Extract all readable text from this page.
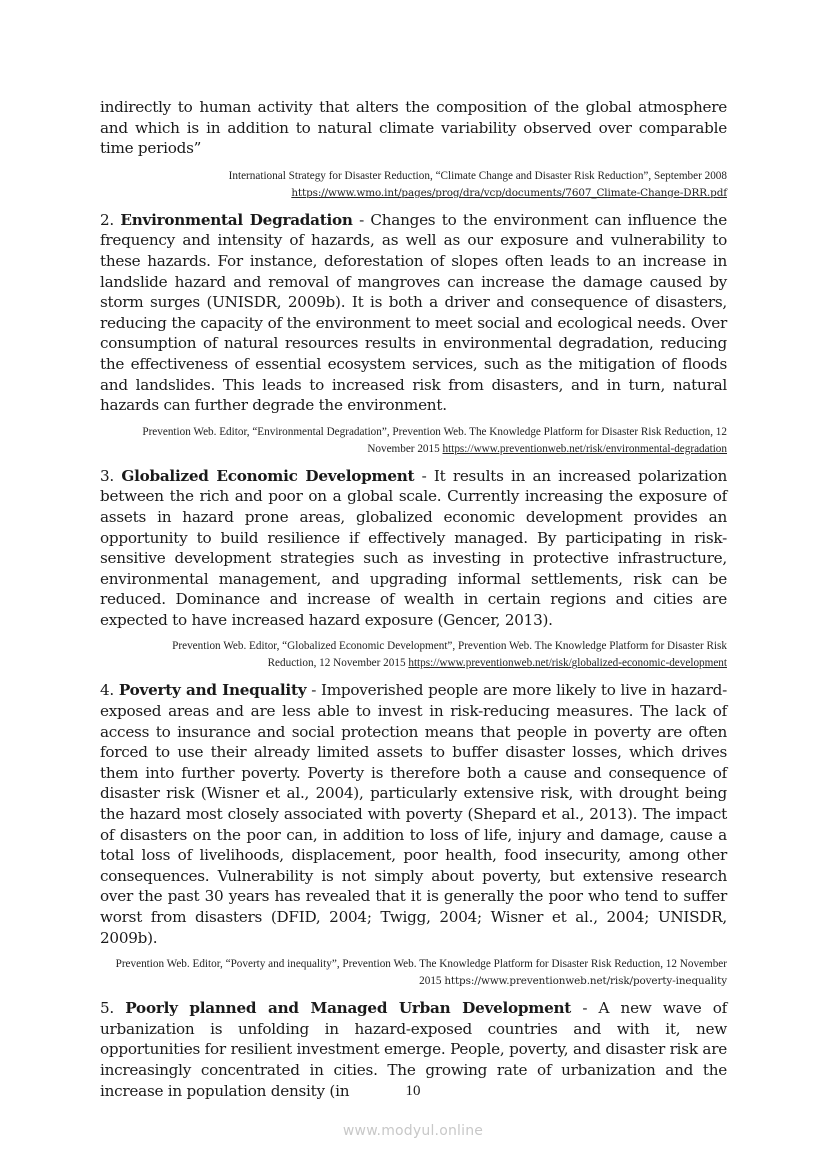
indirectly to human activity that alters the composition of the global atmosphere and which is in addition to natural climate variability observed over comparable time periods”

International Strategy for Disaster Reduction, “Climate Change and Disaster Risk Reduction”, September 2008
https://www.wmo.int/pages/prog/dra/vcp/documents/7607_Climate-Change-DRR.pdf

2. Environmental Degradation - Changes to the environment can influence the frequency and intensity of hazards, as well as our exposure and vulnerability to these hazards. For instance, deforestation of slopes often leads to an increase in landslide hazard and removal of mangroves can increase the damage caused by storm surges (UNISDR, 2009b). It is both a driver and consequence of disasters, reducing the capacity of the environment to meet social and ecological needs. Over consumption of natural resources results in environmental degradation, reducing the effectiveness of essential ecosystem services, such as the mitigation of floods and landslides. This leads to increased risk from disasters, and in turn, natural hazards can further degrade the environment.

Prevention Web. Editor, “Environmental Degradation”, Prevention Web. The Knowledge Platform for Disaster Risk Reduction, 12 November 2015 https://www.preventionweb.net/risk/environmental-degradation

3. Globalized Economic Development - It results in an increased polarization between the rich and poor on a global scale. Currently increasing the exposure of assets in hazard prone areas, globalized economic development provides an opportunity to build resilience if effectively managed. By participating in risk-sensitive development strategies such as investing in protective infrastructure, environmental management, and upgrading informal settlements, risk can be reduced. Dominance and increase of wealth in certain regions and cities are expected to have increased hazard exposure (Gencer, 2013).

Prevention Web. Editor, “Globalized Economic Development”, Prevention Web. The Knowledge Platform for Disaster Risk Reduction, 12 November 2015 https://www.preventionweb.net/risk/globalized-economic-development

4. Poverty and Inequality - Impoverished people are more likely to live in hazard-exposed areas and are less able to invest in risk-reducing measures. The lack of access to insurance and social protection means that people in poverty are often forced to use their already limited assets to buffer disaster losses, which drives them into further poverty. Poverty is therefore both a cause and consequence of disaster risk (Wisner et al., 2004), particularly extensive risk, with drought being the hazard most closely associated with poverty (Shepard et al., 2013). The impact of disasters on the poor can, in addition to loss of life, injury and damage, cause a total loss of livelihoods, displacement, poor health, food insecurity, among other consequences. Vulnerability is not simply about poverty, but extensive research over the past 30 years has revealed that it is generally the poor who tend to suffer worst from disasters (DFID, 2004; Twigg, 2004; Wisner et al., 2004; UNISDR, 2009b).

Prevention Web. Editor, “Poverty and inequality”, Prevention Web. The Knowledge Platform for Disaster Risk Reduction, 12 November 2015 https://www.preventionweb.net/risk/poverty-inequality

5. Poorly planned and Managed Urban Development - A new wave of urbanization is unfolding in hazard-exposed countries and with it, new opportunities for resilient investment emerge. People, poverty, and disaster risk are increasingly concentrated in cities. The growing rate of urbanization and the increase in population density (in	10
www.modyul.online
